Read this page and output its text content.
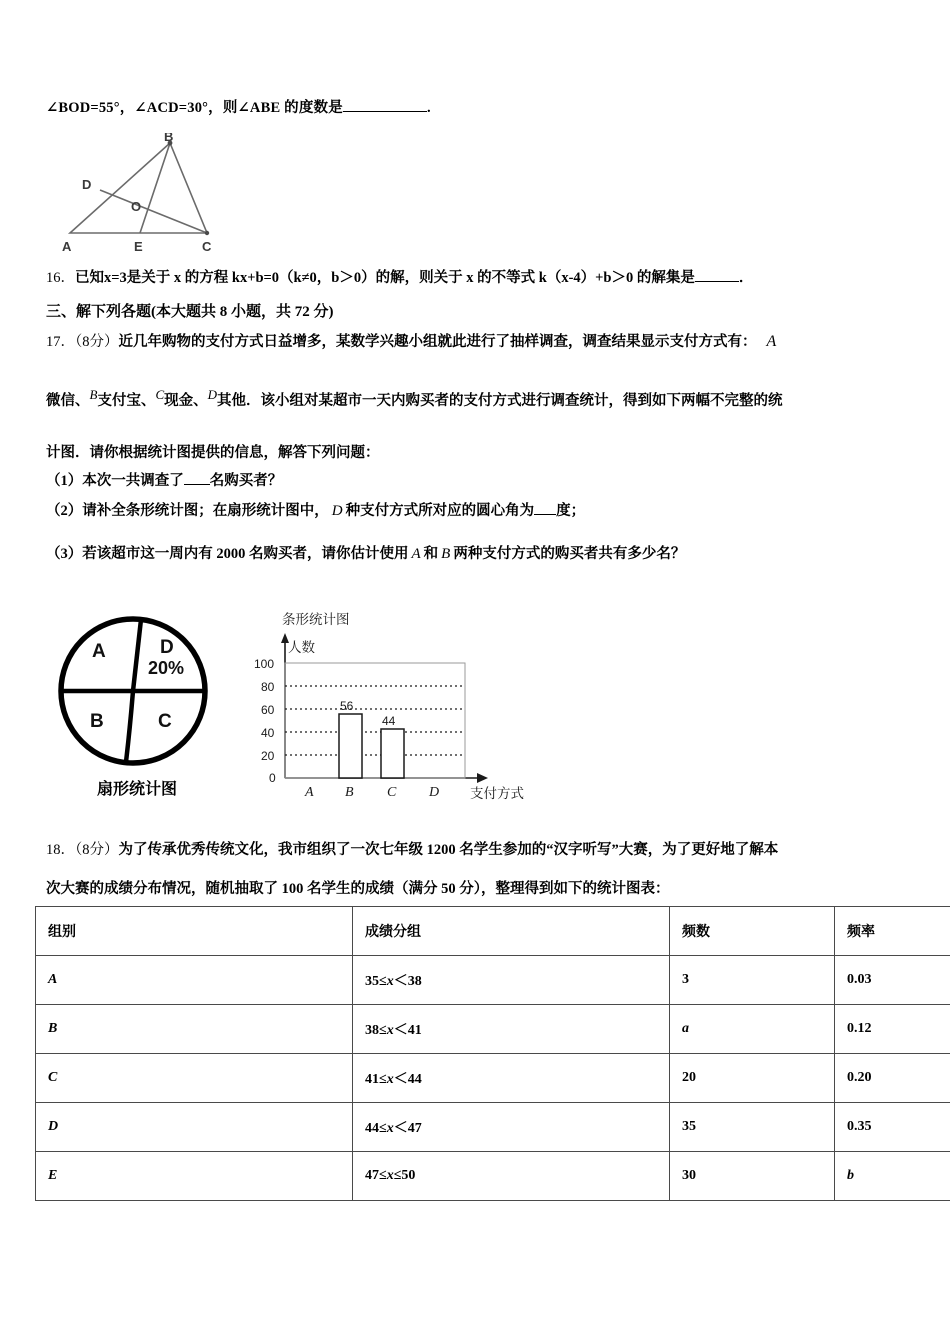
∠BOD=55°，∠ACD=30°，则∠ABE 的度数是	.
B
D
O
A	E	C
16．已知x=3是关于 x 的方程 kx+b=0（k≠0，b＞0）的解，则关于 x 的不等式 k（x-4）+b＞0 的解集是	．
三、解下列各题(本大题共 8 小题，共 72 分)
17．（8分）近几年购物的支付方式日益增多，某数学兴趣小组就此进行了抽样调查，调查结果显示支付方式有： A
微信、B支付宝、C现金、D其他．该小组对某超市一天内购买者的支付方式进行调查统计，得到如下两幅不完整的统
计图．请你根据统计图提供的信息，解答下列问题：
（1）本次一共调查了 名购买者？
（2）请补全条形统计图；在扇形统计图中， D 种支付方式所对应的圆心角为 度；
（3）若该超市这一周内有 2000 名购买者，请你估计使用 A 和 B 两种支付方式的购买者共有多少名？
A	D
20%
B	C
扇形统计图
条形统计图
人数
100
80
60
40
20
0
56
44
A B C D 支付方式
18．（8分）为了传承优秀传统文化，我市组织了一次七年级 1200 名学生参加的“汉字听写”大赛，为了更好地了解本
次大赛的成绩分布情况，随机抽取了 100 名学生的成绩（满分 50 分），整理得到如下的统计图表：
组别	成绩分组	频数	频率
A	35≤x＜38	3	0.03
B	38≤x＜41	a	0.12
C	41≤x＜44	20	0.20
D	44≤x＜47	35	0.35
E	47≤x≤50	30	b
